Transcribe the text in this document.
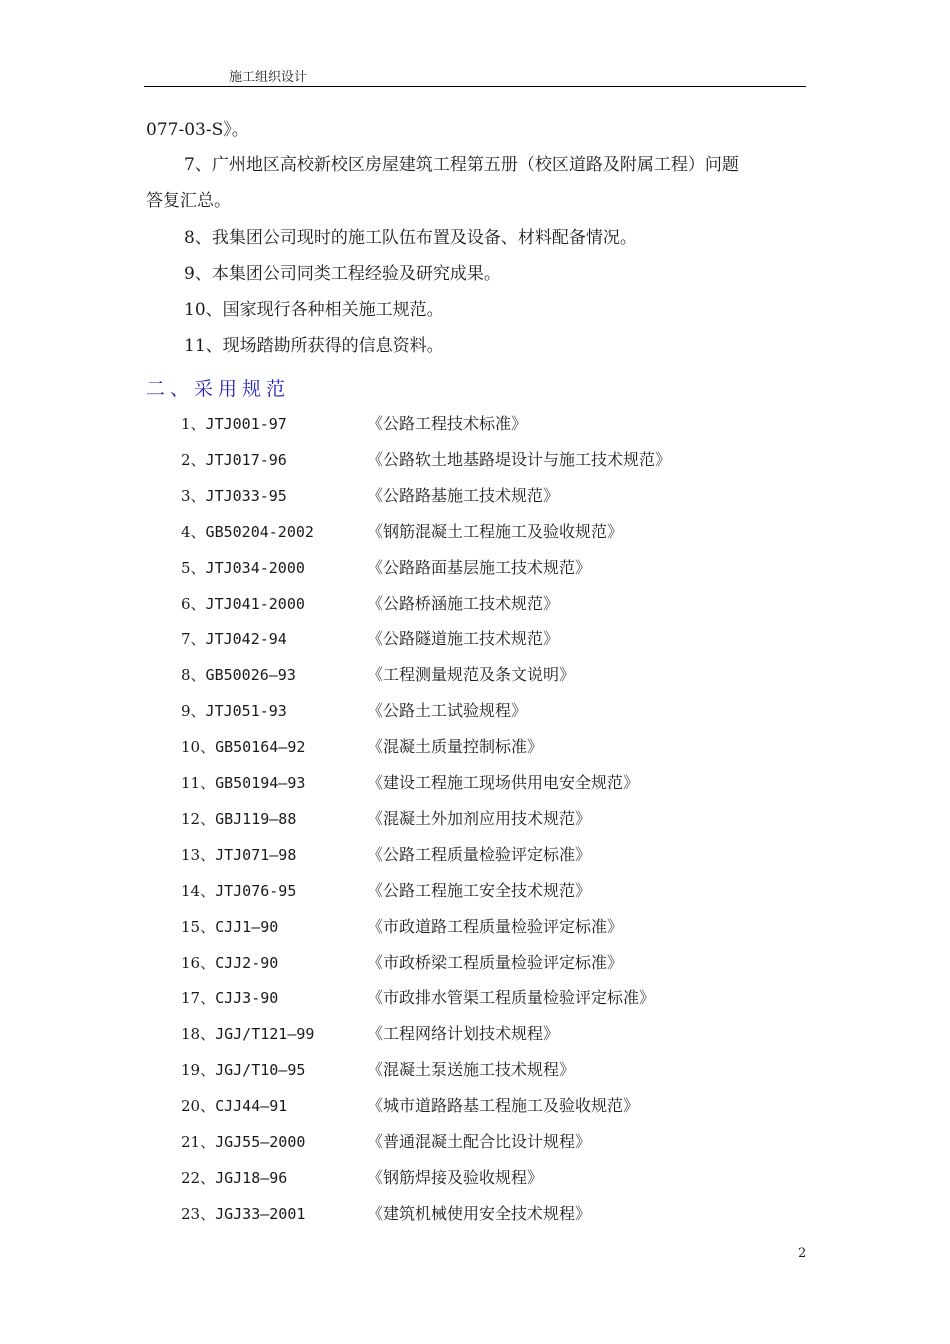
施工组织设计
077-03-S》。
7、广州地区高校新校区房屋建筑工程第五册（校区道路及附属工程）问题
答复汇总。
8、我集团公司现时的施工队伍布置及设备、材料配备情况。
9、本集团公司同类工程经验及研究成果。
10、国家现行各种相关施工规范。
11、现场踏勘所获得的信息资料。
二、采用规范
1、JTJ001-97	《公路工程技术标准》
2、JTJ017-96	《公路软土地基路堤设计与施工技术规范》
3、JTJ033-95	《公路路基施工技术规范》
4、GB50204-2002	《钢筋混凝土工程施工及验收规范》
5、JTJ034-2000	《公路路面基层施工技术规范》
6、JTJ041-2000	《公路桥涵施工技术规范》
7、JTJ042-94	《公路隧道施工技术规范》
8、GB50026—93	《工程测量规范及条文说明》
9、JTJ051-93	《公路土工试验规程》
10、GB50164—92	《混凝土质量控制标准》
11、GB50194—93	《建设工程施工现场供用电安全规范》
12、GBJ119—88	《混凝土外加剂应用技术规范》
13、JTJ071—98	《公路工程质量检验评定标准》
14、JTJ076-95	《公路工程施工安全技术规范》
15、CJJ1—90	《市政道路工程质量检验评定标准》
16、CJJ2-90	《市政桥梁工程质量检验评定标准》
17、CJJ3-90	《市政排水管渠工程质量检验评定标准》
18、JGJ/T121—99	《工程网络计划技术规程》
19、JGJ/T10—95	《混凝土泵送施工技术规程》
20、CJJ44—91	《城市道路路基工程施工及验收规范》
21、JGJ55—2000	《普通混凝土配合比设计规程》
22、JGJ18—96	《钢筋焊接及验收规程》
23、JGJ33—2001	《建筑机械使用安全技术规程》
2
